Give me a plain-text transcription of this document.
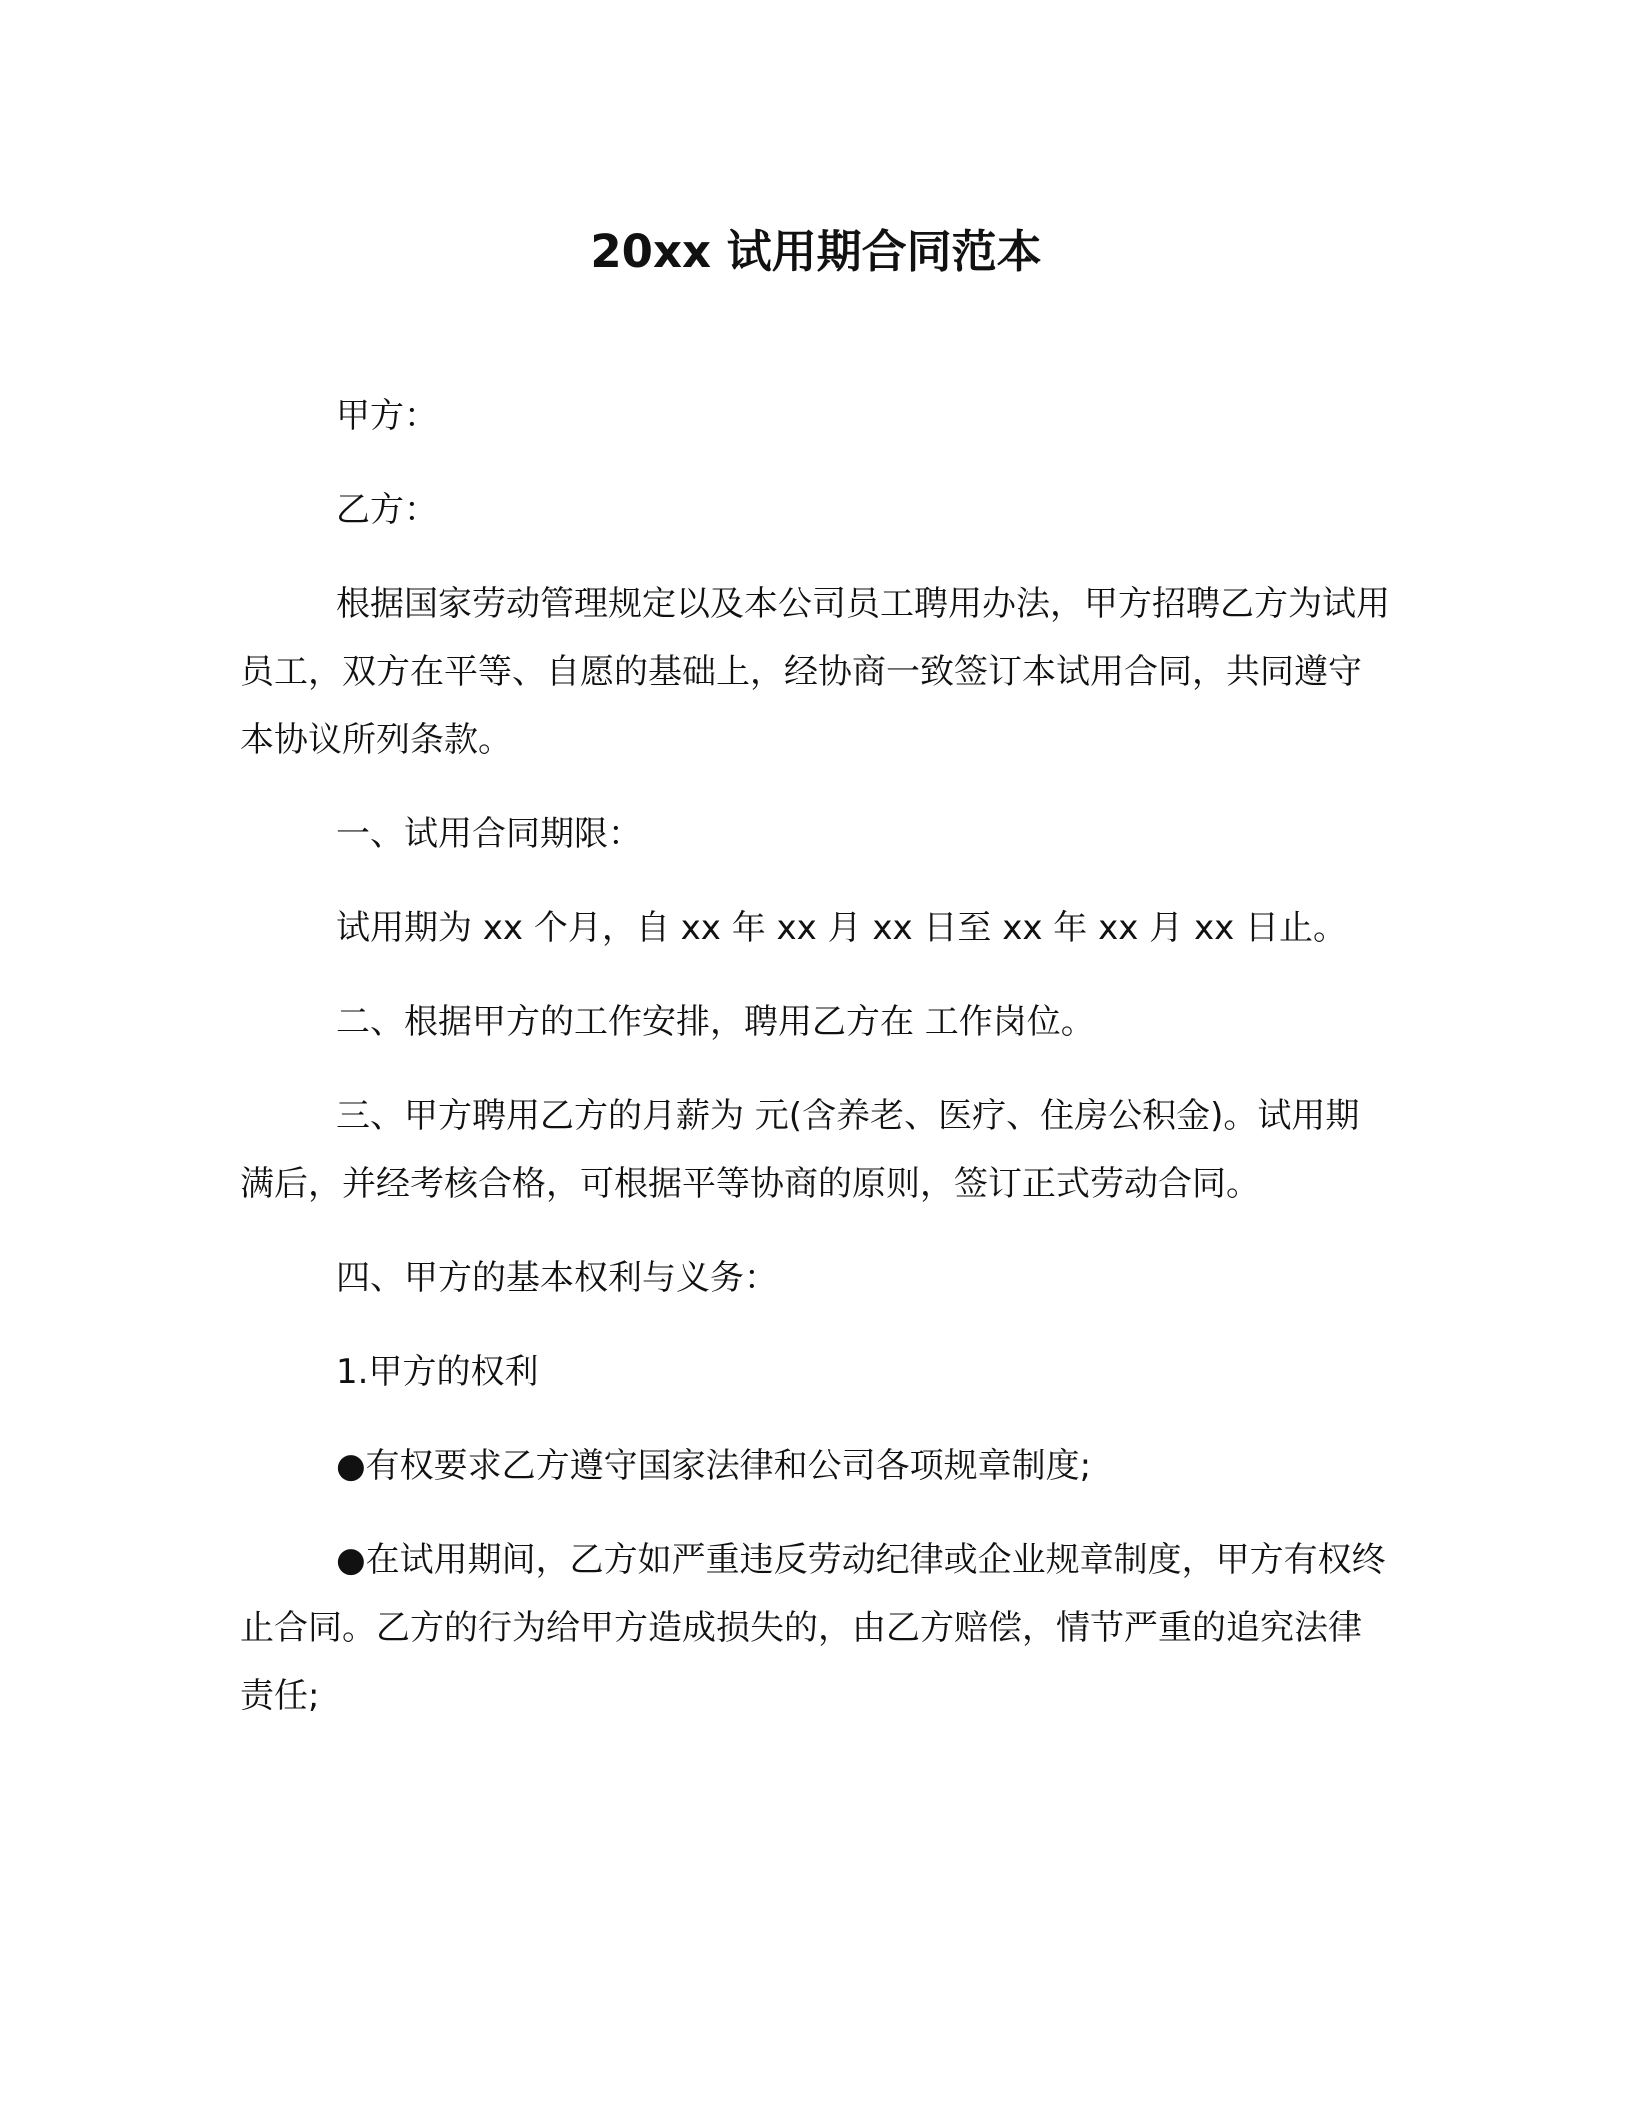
20xx 试用期合同范本

甲方：

乙方：

根据国家劳动管理规定以及本公司员工聘用办法，甲方招聘乙方为试用员工，双方在平等、自愿的基础上，经协商一致签订本试用合同，共同遵守本协议所列条款。

一、试用合同期限：

试用期为 xx 个月，自 xx 年 xx 月 xx 日至 xx 年 xx 月 xx 日止。

二、根据甲方的工作安排，聘用乙方在 工作岗位。

三、甲方聘用乙方的月薪为 元(含养老、医疗、住房公积金)。试用期满后，并经考核合格，可根据平等协商的原则，签订正式劳动合同。

四、甲方的基本权利与义务：

1.甲方的权利

●有权要求乙方遵守国家法律和公司各项规章制度;

●在试用期间，乙方如严重违反劳动纪律或企业规章制度，甲方有权终止合同。乙方的行为给甲方造成损失的，由乙方赔偿，情节严重的追究法律责任;
